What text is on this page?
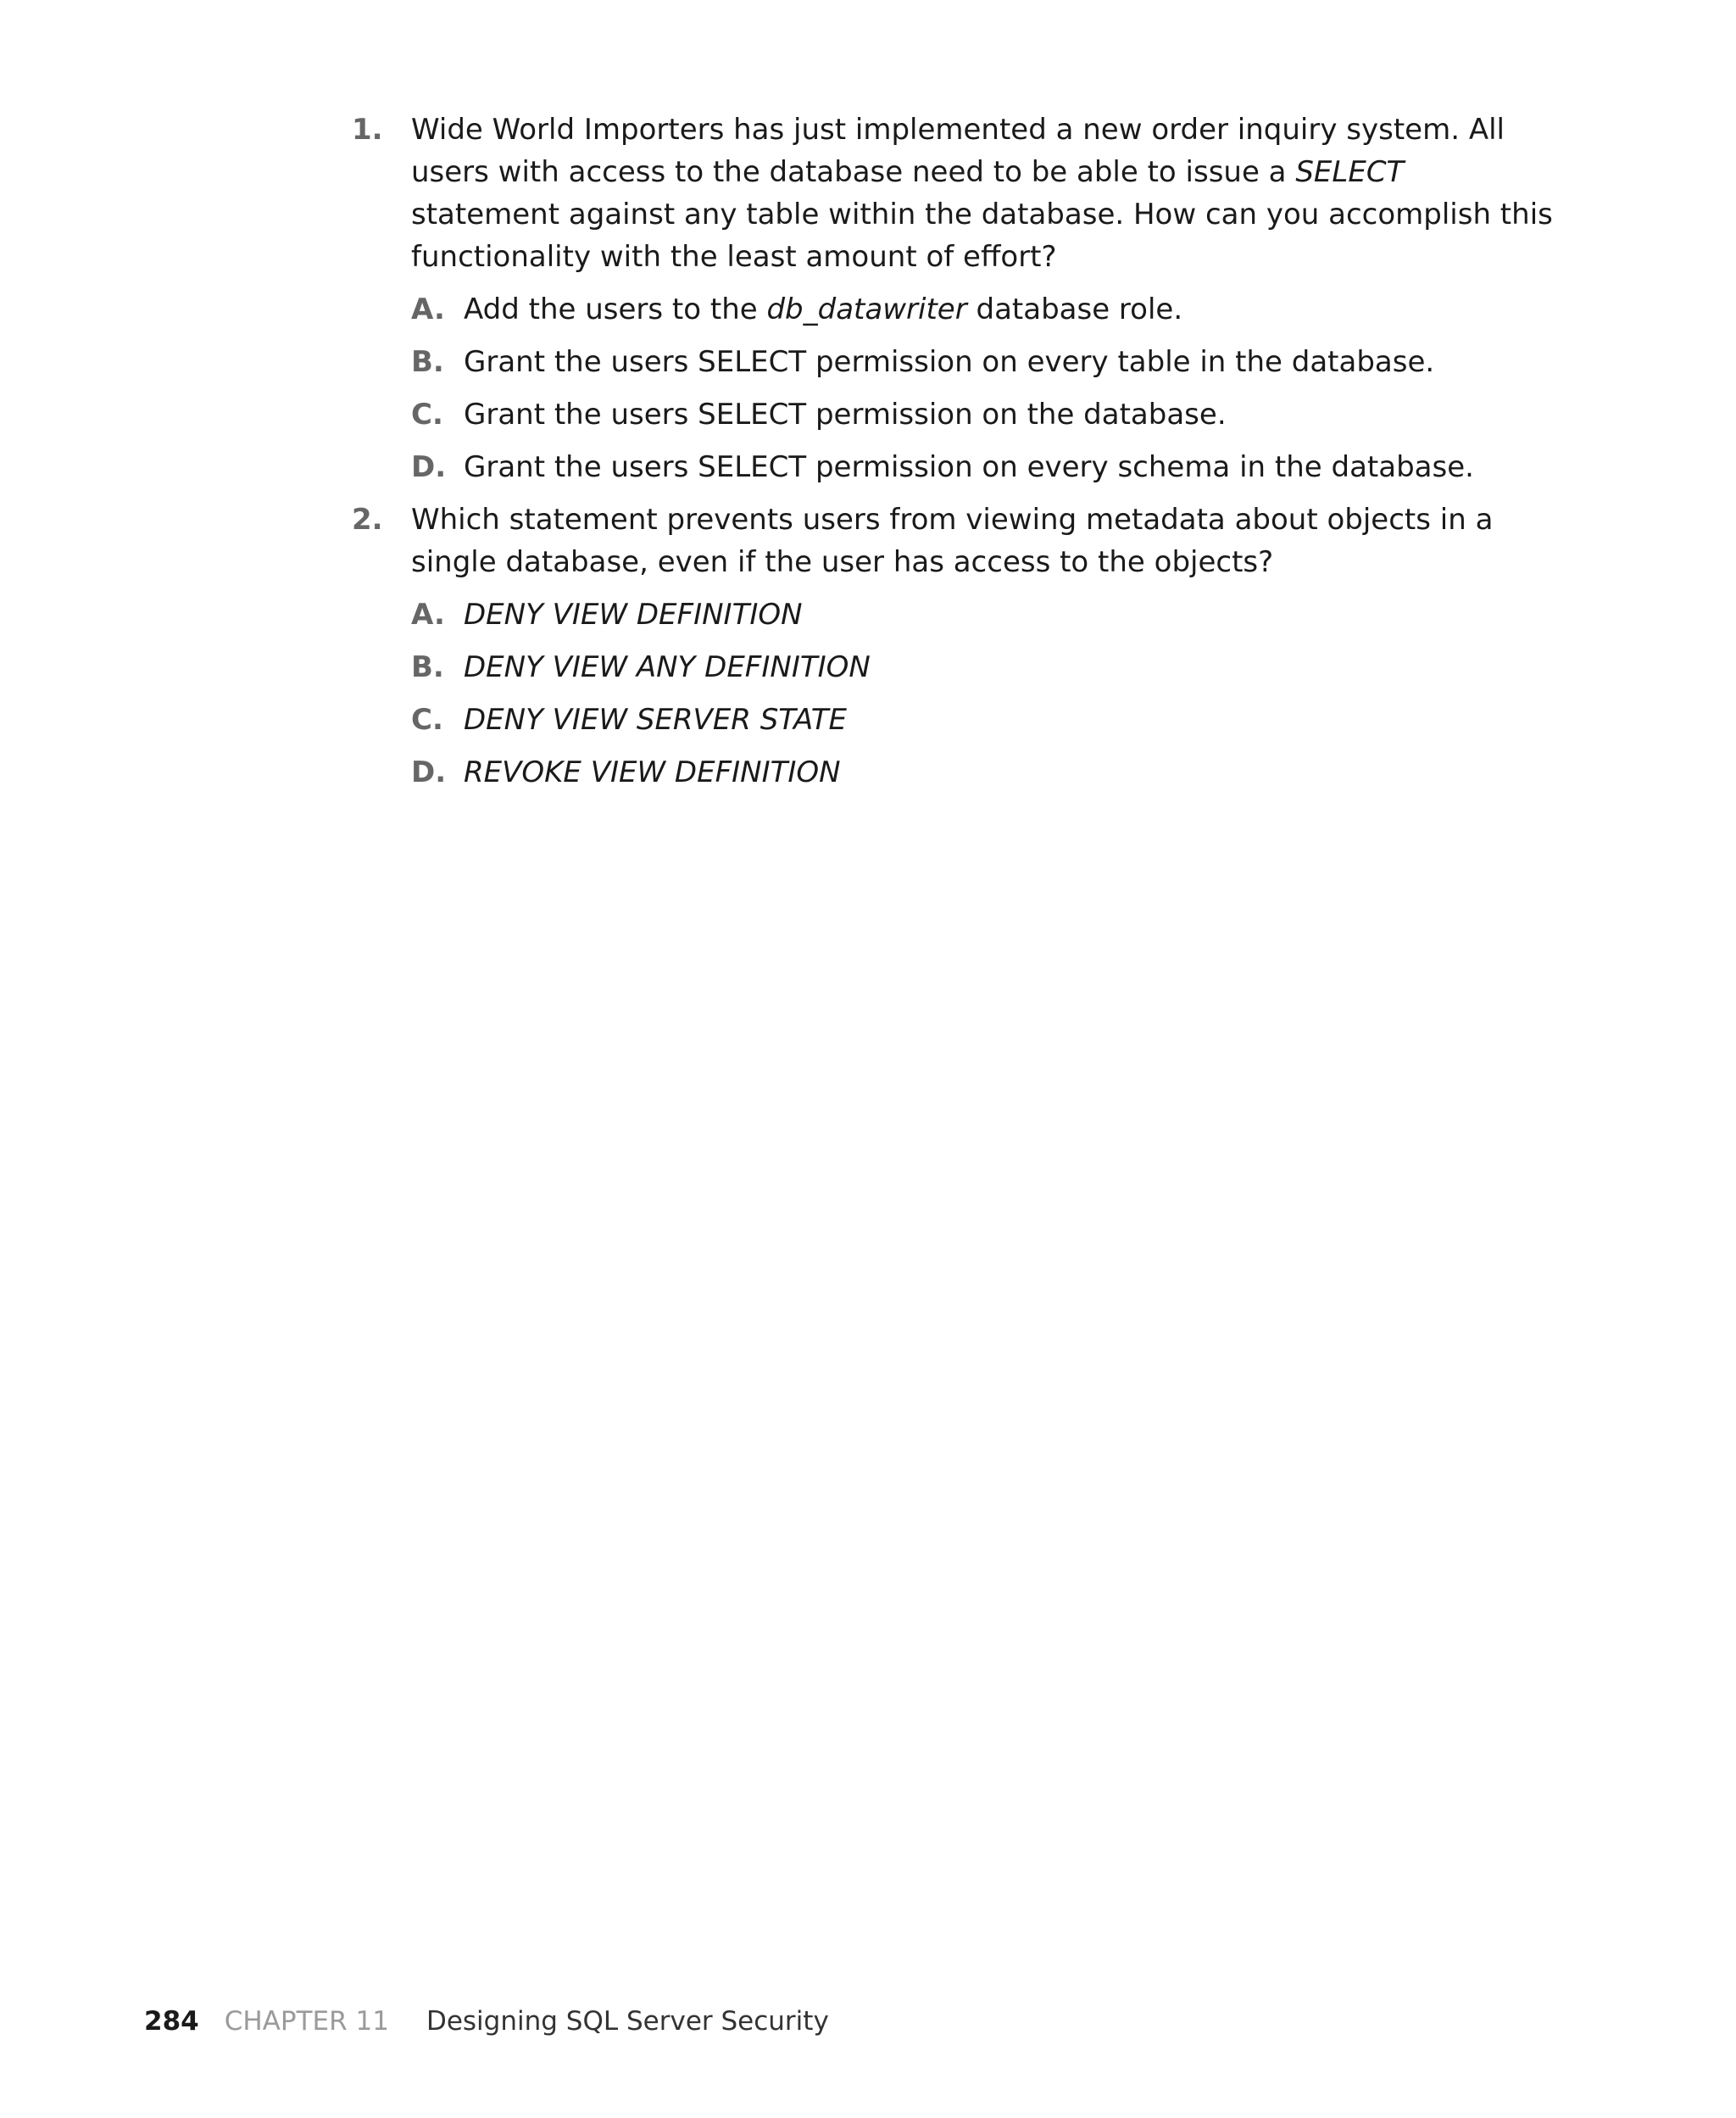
1. Wide World Importers has just implemented a new order inquiry system. All users with access to the database need to be able to issue a SELECT statement against any table within the database. How can you accomplish this functionality with the least amount of effort?
A. Add the users to the db_datawriter database role.
B. Grant the users SELECT permission on every table in the database.
C. Grant the users SELECT permission on the database.
D. Grant the users SELECT permission on every schema in the database.
2. Which statement prevents users from viewing metadata about objects in a single database, even if the user has access to the objects?
A. DENY VIEW DEFINITION
B. DENY VIEW ANY DEFINITION
C. DENY VIEW SERVER STATE
D. REVOKE VIEW DEFINITION
284 CHAPTER 11 Designing SQL Server Security
